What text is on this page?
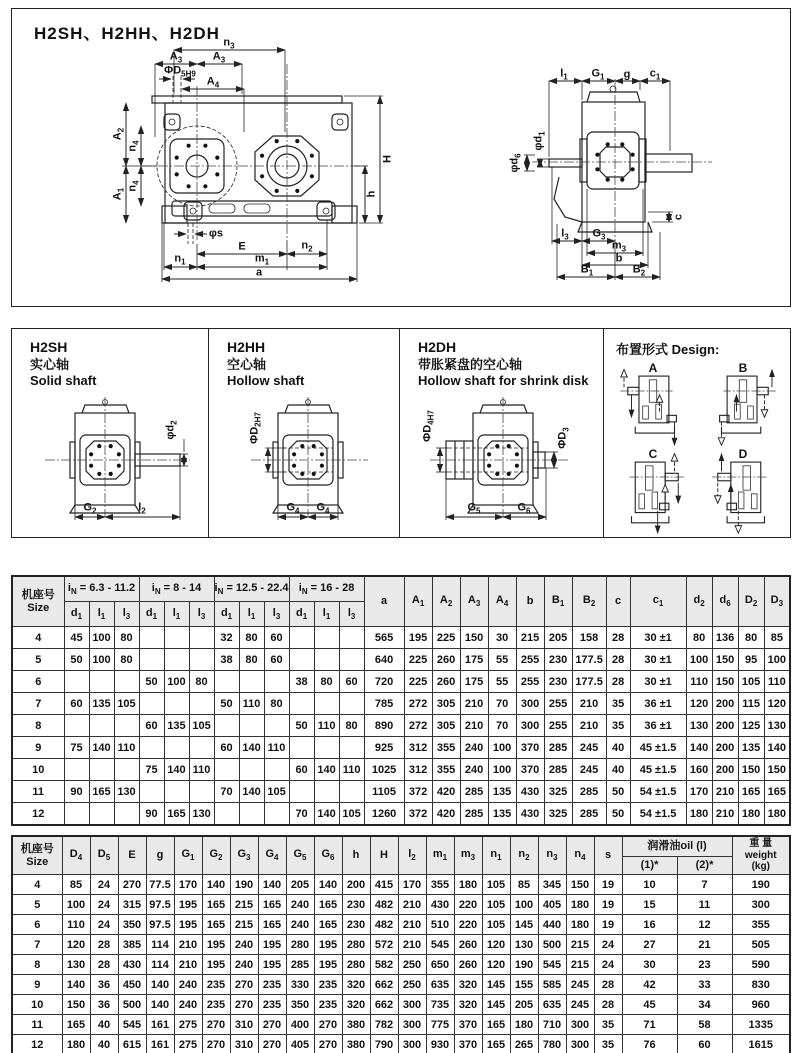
H2SH、H2HH、H2DH $n_3$
$A_3$	$A_3$
$\Phi D_{5H9}$
$A_4$
$A_2$
$n_4$
$A_1$ $n_4$
H
h
φs
E	$n_2$
$n_1$	$m_1$
a
$l_1$ $G_1$ g $c_1$
$\varphi d_1$
$\varphi d_6$
c
$l_3$ $G_3$
$m_3$
b
$B_1$	$B_2$
H2SH
实心轴
Solid shaft
$\varphi d_2$
$G_2$	$l_2$
H2HH
空心轴
Hollow shaft
$\Phi D_{2H7}$
$G_4$ $G_4$
H2DH
带胀紧盘的空心轴
Hollow shaft for shrink disk
$\Phi D_{4H7}$
$\Phi D_3$
$G_5$	$G_6$
布置形式 Design:
A	B
C	D
机座号
Size	$i_N = 6.3 - 11.2$			$i_N = 8 - 14$			$i_N = 12.5 - 22.4$			$i_N = 16 - 28$			a	$A_1$	$A_2$	$A_3$	$A_4$	b	$B_1$	$B_2$	c	$c_1$	$d_2$	$d_6$	$D_2$	$D_3$
	$d_1$	$l_1$	$l_3$	$d_1$	$l_1$	$l_3$	$d_1$	$l_1$	$l_3$	$d_1$	$l_1$	$l_3$
4	45	100	80				32	80	60				565	195	225	150	30	215	205	158	28	30 ±1	80	136	80	85
5	50	100	80				38	80	60				640	225	260	175	55	255	230	177.5	28	30 ±1	100	150	95	100
6				50	100	80				38	80	60	720	225	260	175	55	255	230	177.5	28	30 ±1	110	150	105	110
7	60	135	105				50	110	80				785	272	305	210	70	300	255	210	35	36 ±1	120	200	115	120
8				60	135	105				50	110	80	890	272	305	210	70	300	255	210	35	36 ±1	130	200	125	130
9	75	140	110				60	140	110				925	312	355	240	100	370	285	245	40	45 ±1.5	140	200	135	140
10				75	140	110				60	140	110	1025	312	355	240	100	370	285	245	40	45 ±1.5	160	200	150	150
11	90	165	130				70	140	105				1105	372	420	285	135	430	325	285	50	54 ±1.5	170	210	165	165
12				90	165	130				70	140	105	1260	372	420	285	135	430	325	285	50	54 ±1.5	180	210	180	180
机座号
Size	$D_4$	$D_5$	E	g	$G_1$	$G_2$	$G_3$	$G_4$	$G_5$	$G_6$	h	H	$l_2$	$m_1$	$m_3$	$n_1$	$n_2$	$n_3$	$n_4$	s	润滑油oil (l)		重 量
weight
(kg)
																					(1)*	(2)*	
4	85	24	270	77.5	170	140	190	140	205	140	200	415	170	355	180	105	85	345	150	19	10	7	190
5	100	24	315	97.5	195	165	215	165	240	165	230	482	210	430	220	105	100	405	180	19	15	11	300
6	110	24	350	97.5	195	165	215	165	240	165	230	482	210	510	220	105	145	440	180	19	16	12	355
7	120	28	385	114	210	195	240	195	280	195	280	572	210	545	260	120	130	500	215	24	27	21	505
8	130	28	430	114	210	195	240	195	285	195	280	582	250	650	260	120	190	545	215	24	30	23	590
9	140	36	450	140	240	235	270	235	330	235	320	662	250	635	320	145	155	585	245	28	42	33	830
10	150	36	500	140	240	235	270	235	350	235	320	662	300	735	320	145	205	635	245	28	45	34	960
11	165	40	545	161	275	270	310	270	400	270	380	782	300	775	370	165	180	710	300	35	71	58	1335
12	180	40	615	161	275	270	310	270	405	270	380	790	300	930	370	165	265	780	300	35	76	60	1615
